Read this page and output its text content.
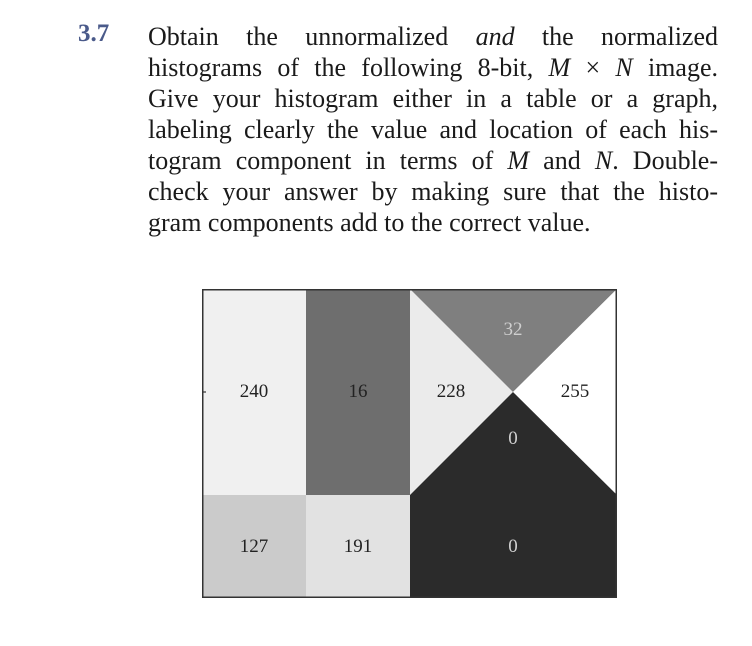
3.7 Obtain the unnormalized and the normalized
histograms of the following 8-bit, M × N image.
Give your histogram either in a table or a graph,
labeling clearly the value and location of each his-
togram component in terms of M and N. Double-
check your answer by making sure that the histo-
gram components add to the correct value.
240	16	228
32
255
0
127	191	0
